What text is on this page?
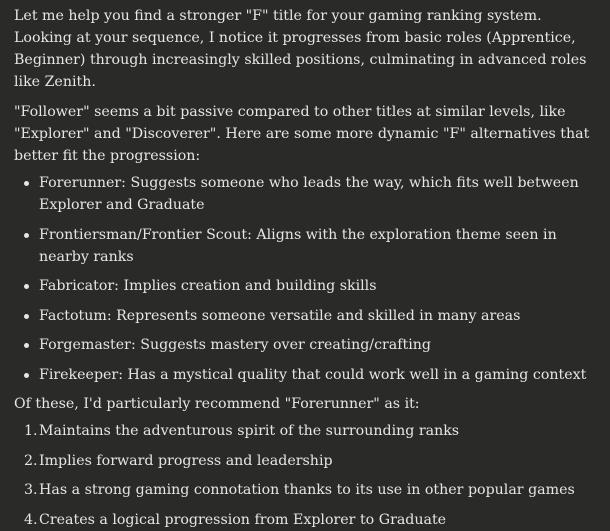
Let me help you find a stronger "F" title for your gaming ranking system. Looking at your sequence, I notice it progresses from basic roles (Apprentice, Beginner) through increasingly skilled positions, culminating in advanced roles like Zenith.

"Follower" seems a bit passive compared to other titles at similar levels, like "Explorer" and "Discoverer". Here are some more dynamic "F" alternatives that better fit the progression:

Forerunner: Suggests someone who leads the way, which fits well between Explorer and Graduate
Frontiersman/Frontier Scout: Aligns with the exploration theme seen in nearby ranks
Fabricator: Implies creation and building skills
Factotum: Represents someone versatile and skilled in many areas
Forgemaster: Suggests mastery over creating/crafting
Firekeeper: Has a mystical quality that could work well in a gaming context

Of these, I'd particularly recommend "Forerunner" as it:

1. Maintains the adventurous spirit of the surrounding ranks
2. Implies forward progress and leadership
3. Has a strong gaming connotation thanks to its use in other popular games
4. Creates a logical progression from Explorer to Graduate
